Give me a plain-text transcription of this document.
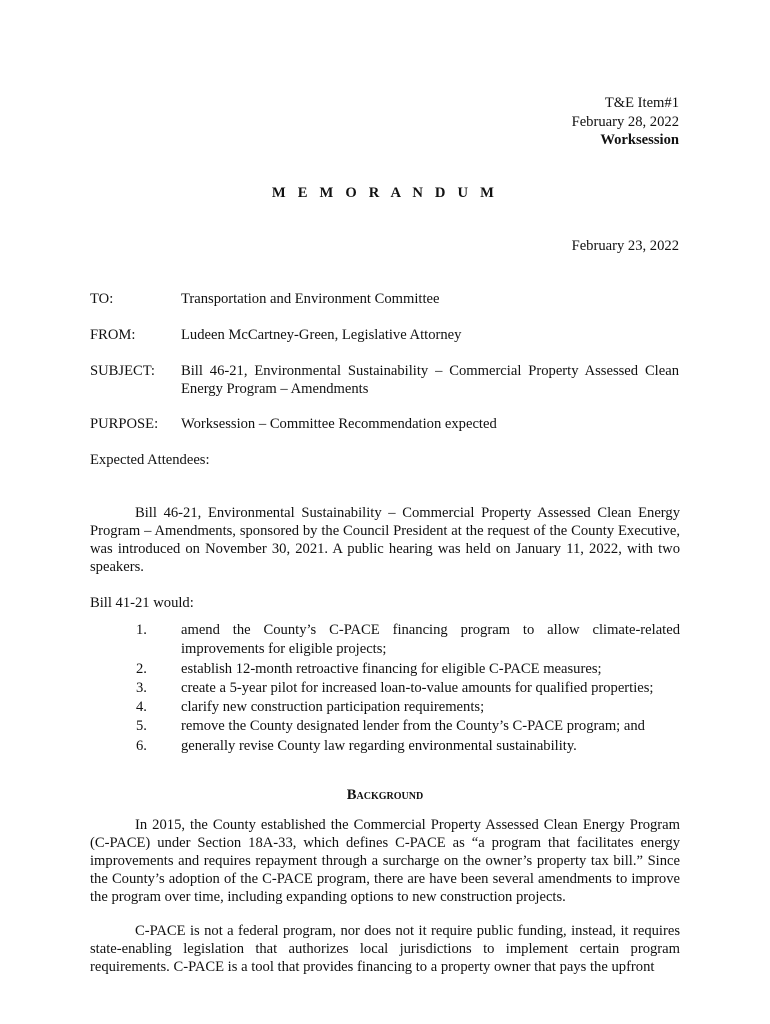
T&E Item#1
February 28, 2022
Worksession
M E M O R A N D U M
February 23, 2022
TO:	Transportation and Environment Committee
FROM:	Ludeen McCartney-Green, Legislative Attorney
SUBJECT: Bill 46-21, Environmental Sustainability – Commercial Property Assessed Clean Energy Program – Amendments
PURPOSE: Worksession – Committee Recommendation expected
Expected Attendees:

Bill 46-21, Environmental Sustainability – Commercial Property Assessed Clean Energy Program – Amendments, sponsored by the Council President at the request of the County Executive, was introduced on November 30, 2021. A public hearing was held on January 11, 2022, with two speakers.

Bill 41-21 would:
1. amend the County’s C-PACE financing program to allow climate-related improvements for eligible projects;
2. establish 12-month retroactive financing for eligible C-PACE measures;
3. create a 5-year pilot for increased loan-to-value amounts for qualified properties;
4. clarify new construction participation requirements;
5. remove the County designated lender from the County’s C-PACE program; and
6. generally revise County law regarding environmental sustainability.
Background

In 2015, the County established the Commercial Property Assessed Clean Energy Program (C-PACE) under Section 18A-33, which defines C-PACE as “a program that facilitates energy improvements and requires repayment through a surcharge on the owner’s property tax bill.” Since the County’s adoption of the C-PACE program, there are have been several amendments to improve the program over time, including expanding options to new construction projects.

C-PACE is not a federal program, nor does not it require public funding, instead, it requires state-enabling legislation that authorizes local jurisdictions to implement certain program requirements. C-PACE is a tool that provides financing to a property owner that pays the upfront
